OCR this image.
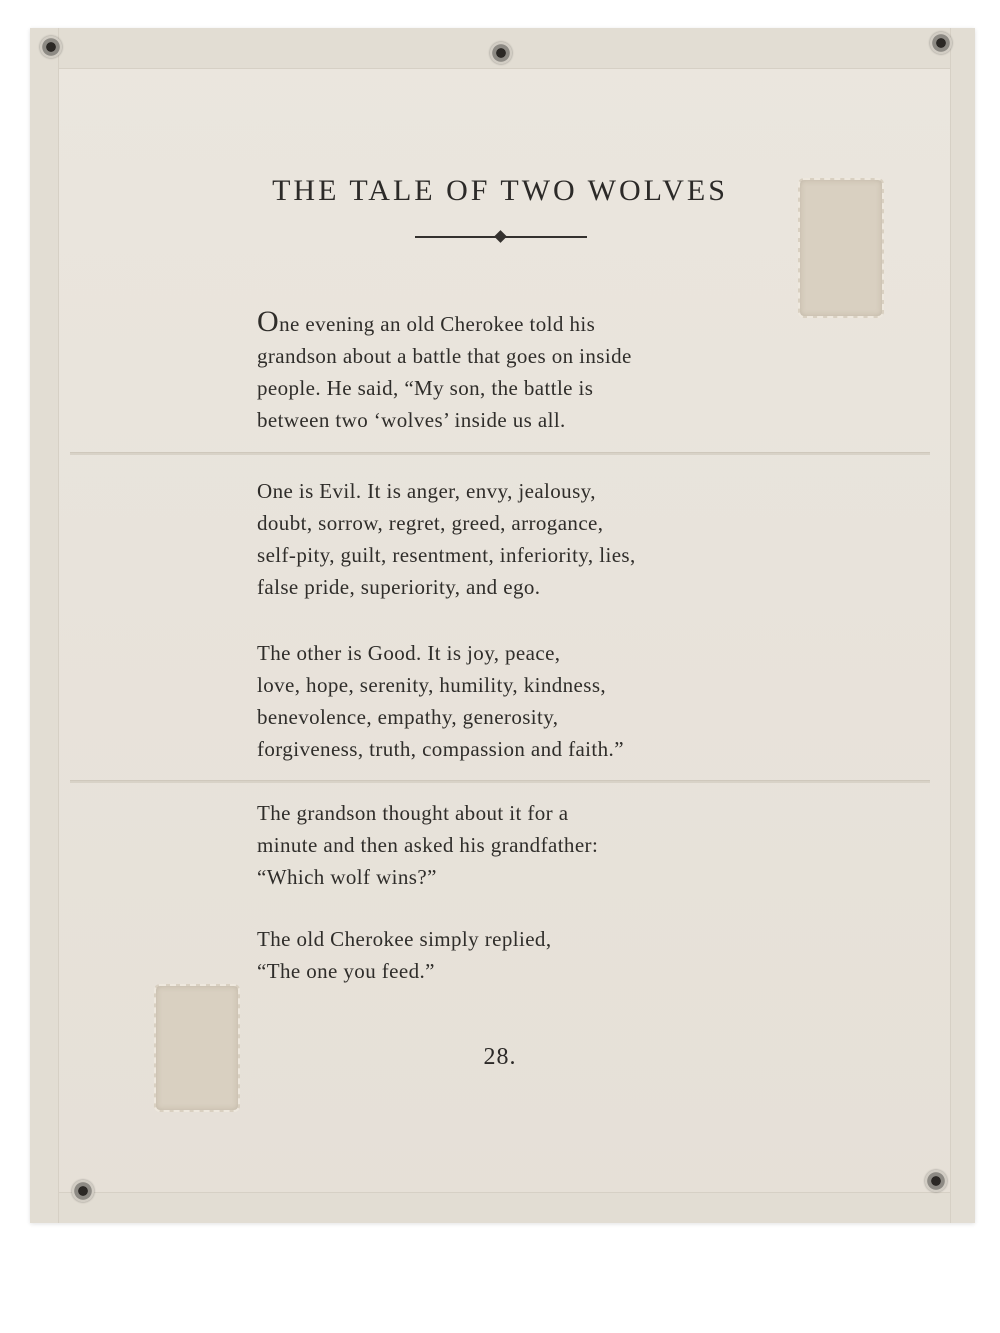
THE TALE OF TWO WOLVES
One evening an old Cherokee told his
grandson about a battle that goes on inside
people. He said, “My son, the battle is
between two ‘wolves’ inside us all.
One is Evil. It is anger, envy, jealousy,
doubt, sorrow, regret, greed, arrogance,
self-pity, guilt, resentment, inferiority, lies,
false pride, superiority, and ego.
The other is Good. It is joy, peace,
love, hope, serenity, humility, kindness,
benevolence, empathy, generosity,
forgiveness, truth, compassion and faith.”
The grandson thought about it for a
minute and then asked his grandfather:
“Which wolf wins?”
The old Cherokee simply replied,
“The one you feed.”
28.
